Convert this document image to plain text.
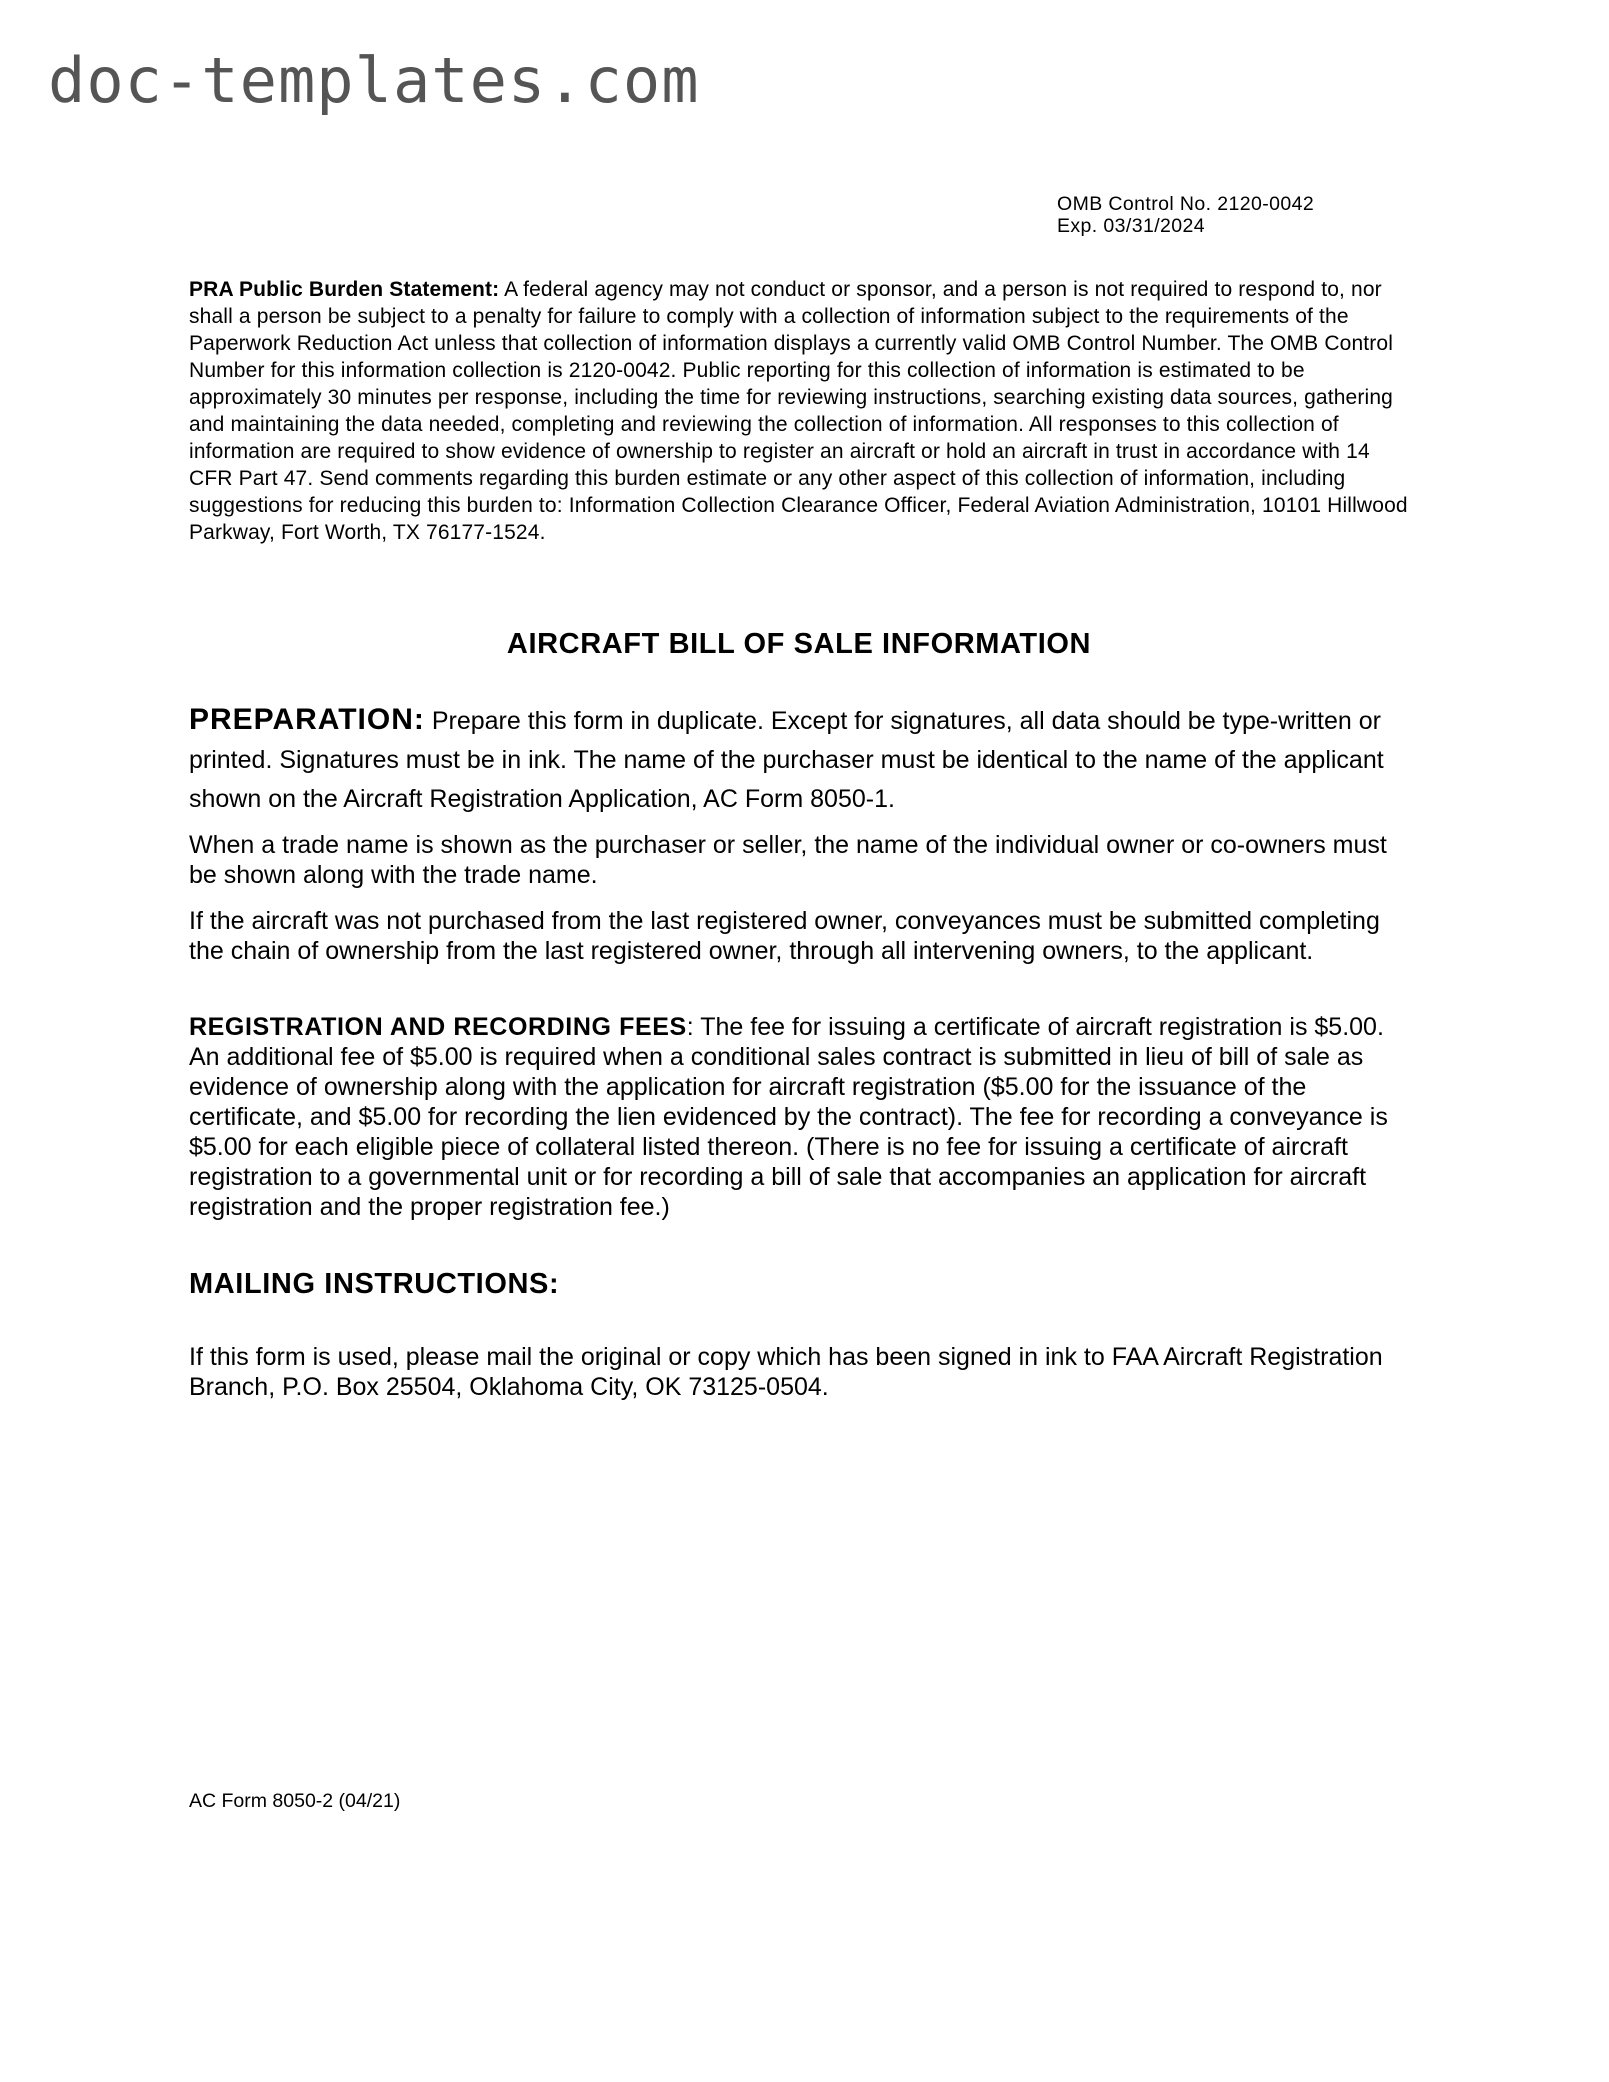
doc-templates.com
OMB Control No. 2120-0042
Exp. 03/31/2024
PRA Public Burden Statement: A federal agency may not conduct or sponsor, and a person is not required to respond to, nor shall a person be subject to a penalty for failure to comply with a collection of information subject to the requirements of the Paperwork Reduction Act unless that collection of information displays a currently valid OMB Control Number. The OMB Control Number for this information collection is 2120-0042. Public reporting for this collection of information is estimated to be approximately 30 minutes per response, including the time for reviewing instructions, searching existing data sources, gathering and maintaining the data needed, completing and reviewing the collection of information. All responses to this collection of information are required to show evidence of ownership to register an aircraft or hold an aircraft in trust in accordance with 14 CFR Part 47. Send comments regarding this burden estimate or any other aspect of this collection of information, including suggestions for reducing this burden to: Information Collection Clearance Officer, Federal Aviation Administration, 10101 Hillwood Parkway, Fort Worth, TX 76177-1524.
AIRCRAFT BILL OF SALE INFORMATION
PREPARATION: Prepare this form in duplicate. Except for signatures, all data should be type-written or printed. Signatures must be in ink. The name of the purchaser must be identical to the name of the applicant shown on the Aircraft Registration Application, AC Form 8050-1.
When a trade name is shown as the purchaser or seller, the name of the individual owner or co-owners must be shown along with the trade name.
If the aircraft was not purchased from the last registered owner, conveyances must be submitted completing the chain of ownership from the last registered owner, through all intervening owners, to the applicant.
REGISTRATION AND RECORDING FEES: The fee for issuing a certificate of aircraft registration is $5.00. An additional fee of $5.00 is required when a conditional sales contract is submitted in lieu of bill of sale as evidence of ownership along with the application for aircraft registration ($5.00 for the issuance of the certificate, and $5.00 for recording the lien evidenced by the contract). The fee for recording a conveyance is $5.00 for each eligible piece of collateral listed thereon. (There is no fee for issuing a certificate of aircraft registration to a governmental unit or for recording a bill of sale that accompanies an application for aircraft registration and the proper registration fee.)
MAILING INSTRUCTIONS:
If this form is used, please mail the original or copy which has been signed in ink to FAA Aircraft Registration Branch, P.O. Box 25504, Oklahoma City, OK 73125-0504.
AC Form 8050-2 (04/21)
